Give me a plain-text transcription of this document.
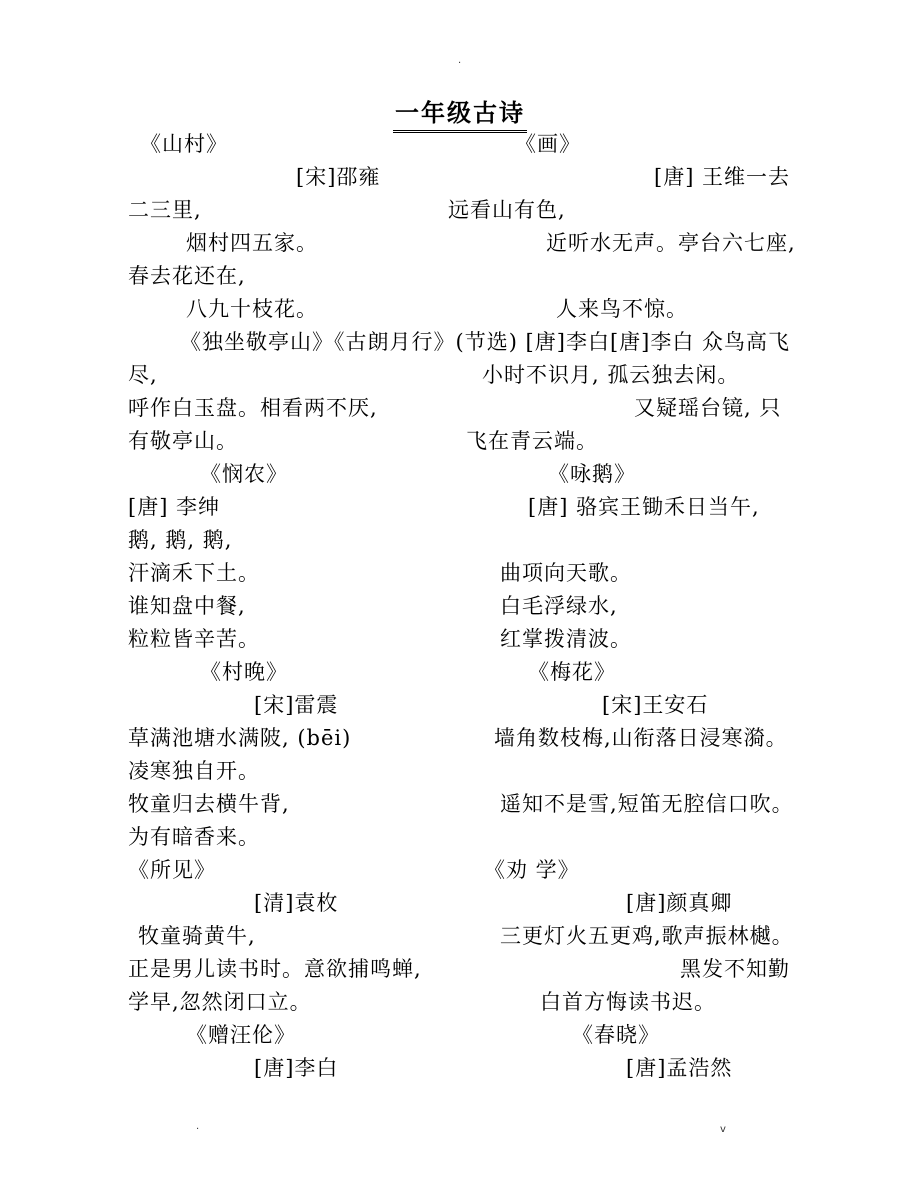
·
一年级古诗
《山村》	《画》
[宋]邵雍	[唐] 王维一去
二三里,	远看山有色,
烟村四五家。	近听水无声。亭台六七座,
春去花还在,
八九十枝花。	人来鸟不惊。
《独坐敬亭山》《古朗月行》(节选) [唐]李白[唐]李白 众鸟高飞
尽,	小时不识月, 孤云独去闲。
呼作白玉盘。相看两不厌,	又疑瑶台镜, 只
有敬亭山。	飞在青云端。
《悯农》	《咏鹅》
[唐] 李绅	[唐] 骆宾王锄禾日当午,
鹅, 鹅, 鹅,
汗滴禾下土。	曲项向天歌。
谁知盘中餐,	白毛浮绿水,
粒粒皆辛苦。	红掌拨清波。
《村晚》	《梅花》
[宋]雷震	[宋]王安石
草满池塘水满陂, (bēi)	墙角数枝梅,山衔落日浸寒漪。
凌寒独自开。
牧童归去横牛背,	遥知不是雪,短笛无腔信口吹。
为有暗香来。
《所见》	《劝 学》
[清]袁枚	[唐]颜真卿
牧童骑黄牛,	三更灯火五更鸡,歌声振林樾。
正是男儿读书时。意欲捕鸣蝉,	黑发不知勤
学早,忽然闭口立。	白首方悔读书迟。
《赠汪伦》	《春晓》
[唐]李白	[唐]孟浩然
·	v
